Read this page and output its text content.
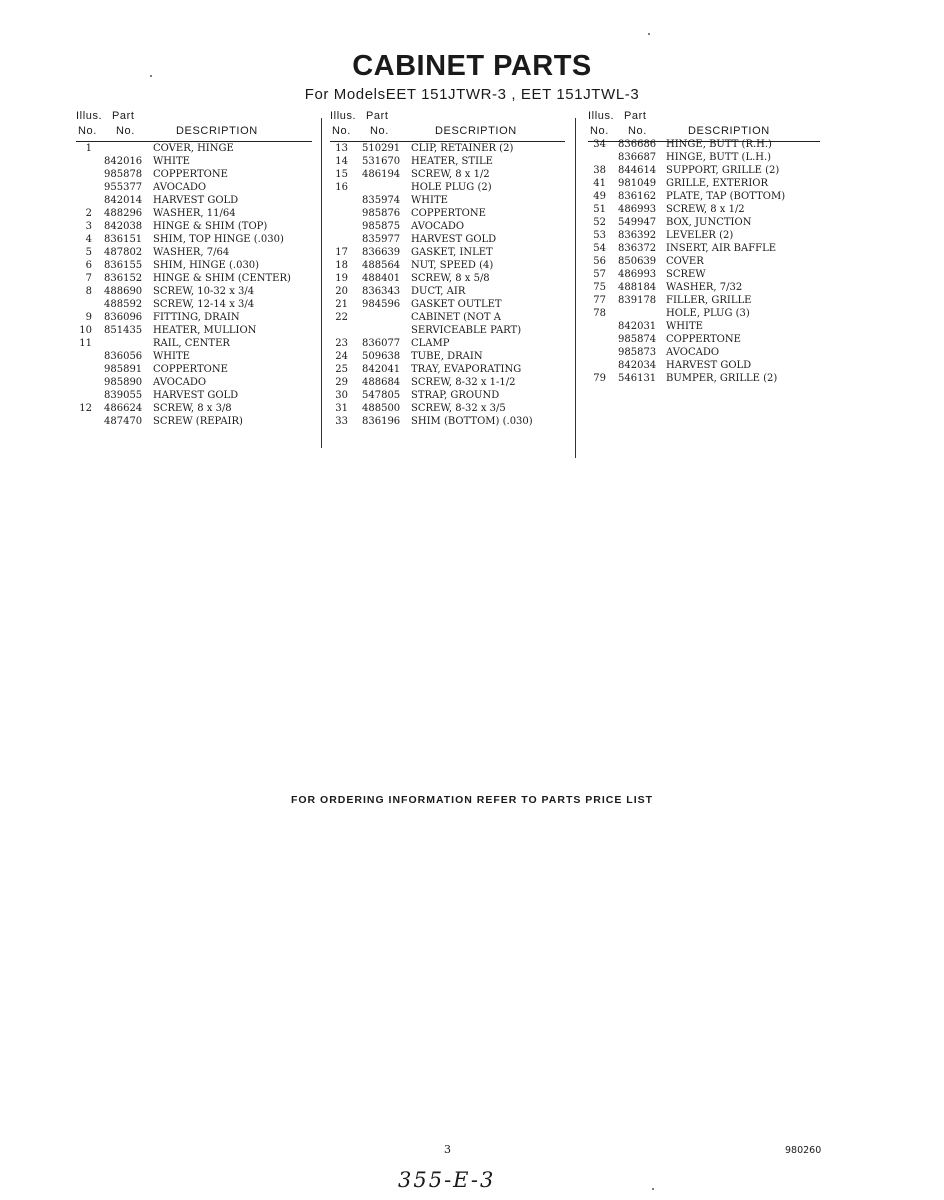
CABINET PARTS
For ModelsEET 151JTWR-3 , EET 151JTWL-3
Illus.
No.
Part
No.	DESCRIPTION
1	COVER, HINGE
842016 WHITE
985878 COPPERTONE
955377 AVOCADO
842014 HARVEST GOLD
2 488296 WASHER, 11/64
3 842038 HINGE & SHIM (TOP)
4 836151 SHIM, TOP HINGE (.030)
5 487802 WASHER, 7/64
6 836155 SHIM, HINGE (.030)
7 836152 HINGE & SHIM (CENTER)
8 488690 SCREW, 10-32 x 3/4
488592 SCREW, 12-14 x 3/4
9 836096 FITTING, DRAIN
10 851435 HEATER, MULLION
11	RAIL, CENTER
836056 WHITE
985891 COPPERTONE
985890 AVOCADO
839055 HARVEST GOLD
12 486624 SCREW, 8 x 3/8
487470 SCREW (REPAIR)
Illus.
No.
Part
No.	DESCRIPTION
13 510291 CLIP, RETAINER (2)
14 531670 HEATER, STILE
15 486194 SCREW, 8 x 1/2
16	HOLE PLUG (2)
835974 WHITE
985876 COPPERTONE
985875 AVOCADO
835977 HARVEST GOLD
17 836639 GASKET, INLET
18 488564 NUT, SPEED (4)
19 488401 SCREW, 8 x 5/8
20 836343 DUCT, AIR
21 984596 GASKET OUTLET
22	CABINET (NOT A
SERVICEABLE PART)
23 836077 CLAMP
24 509638 TUBE, DRAIN
25 842041 TRAY, EVAPORATING
29 488684 SCREW, 8-32 x 1-1/2
30 547805 STRAP, GROUND
31 488500 SCREW, 8-32 x 3/5
33 836196 SHIM (BOTTOM) (.030)
Illus.
No.
Part
No.	DESCRIPTION
34 836686 HINGE, BUTT (R.H.)
836687 HINGE, BUTT (L.H.)
38 844614 SUPPORT, GRILLE (2)
41 981049 GRILLE, EXTERIOR
49 836162 PLATE, TAP (BOTTOM)
51 486993 SCREW, 8 x 1/2
52 549947 BOX, JUNCTION
53 836392 LEVELER (2)
54 836372 INSERT, AIR BAFFLE
56 850639 COVER
57 486993 SCREW
75 488184 WASHER, 7/32
77 839178 FILLER, GRILLE
78	HOLE, PLUG (3)
842031 WHITE
985874 COPPERTONE
985873 AVOCADO
842034 HARVEST GOLD
79 546131 BUMPER, GRILLE (2)
FOR ORDERING INFORMATION REFER TO PARTS PRICE LIST
3	980260
355-E-3
